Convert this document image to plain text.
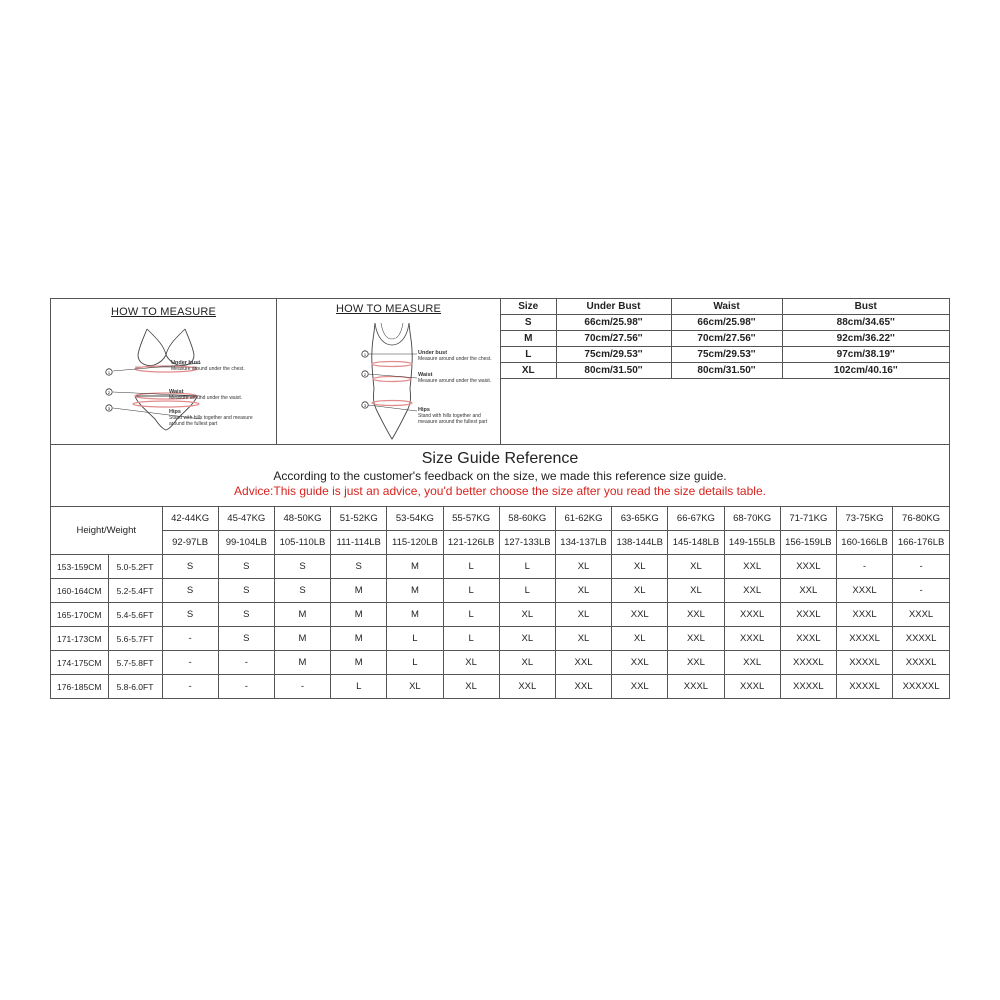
HOW TO MEASURE
1
2
3
Under bust
Measure around under the chest.
Waist
Measure around under the waist.
Hips
Stand with hills together and measure around the fullest part
HOW TO MEASURE
1
2
3
Under bust
Measure around under the chest.
Waist
Measure around under the waist.
Hips
Stand with hills together and measure around the fullest part
Size	Under Bust	Waist	Bust
S	66cm/25.98''	66cm/25.98''	88cm/34.65''
M	70cm/27.56''	70cm/27.56''	92cm/36.22''
L	75cm/29.53''	75cm/29.53''	97cm/38.19''
XL	80cm/31.50''	80cm/31.50''	102cm/40.16''
Size Guide Reference
According to the customer's feedback on the size, we made this reference size guide.
Advice:This guide is just an advice, you'd better choose the size after you read the size details table.
Height/Weight		42-44KG	45-47KG	48-50KG	51-52KG	53-54KG	55-57KG	58-60KG	61-62KG	63-65KG	66-67KG	68-70KG	71-71KG	73-75KG	76-80KG
		92-97LB	99-104LB	105-110LB	111-114LB	115-120LB	121-126LB	127-133LB	134-137LB	138-144LB	145-148LB	149-155LB	156-159LB	160-166LB	166-176LB
153-159CM	5.0-5.2FT	S	S	S	S	M	L	L	XL	XL	XL	XXL	XXXL	-	-
160-164CM	5.2-5.4FT	S	S	S	M	M	L	L	XL	XL	XL	XXL	XXL	XXXL	-
165-170CM	5.4-5.6FT	S	S	M	M	M	L	XL	XL	XXL	XXL	XXXL	XXXL	XXXL	XXXL
171-173CM	5.6-5.7FT	-	S	M	M	L	L	XL	XL	XL	XXL	XXXL	XXXL	XXXXL	XXXXL
174-175CM	5.7-5.8FT	-	-	M	M	L	XL	XL	XXL	XXL	XXL	XXL	XXXXL	XXXXL	XXXXL
176-185CM	5.8-6.0FT	-	-	-	L	XL	XL	XXL	XXL	XXL	XXXL	XXXL	XXXXL	XXXXL	XXXXXL
